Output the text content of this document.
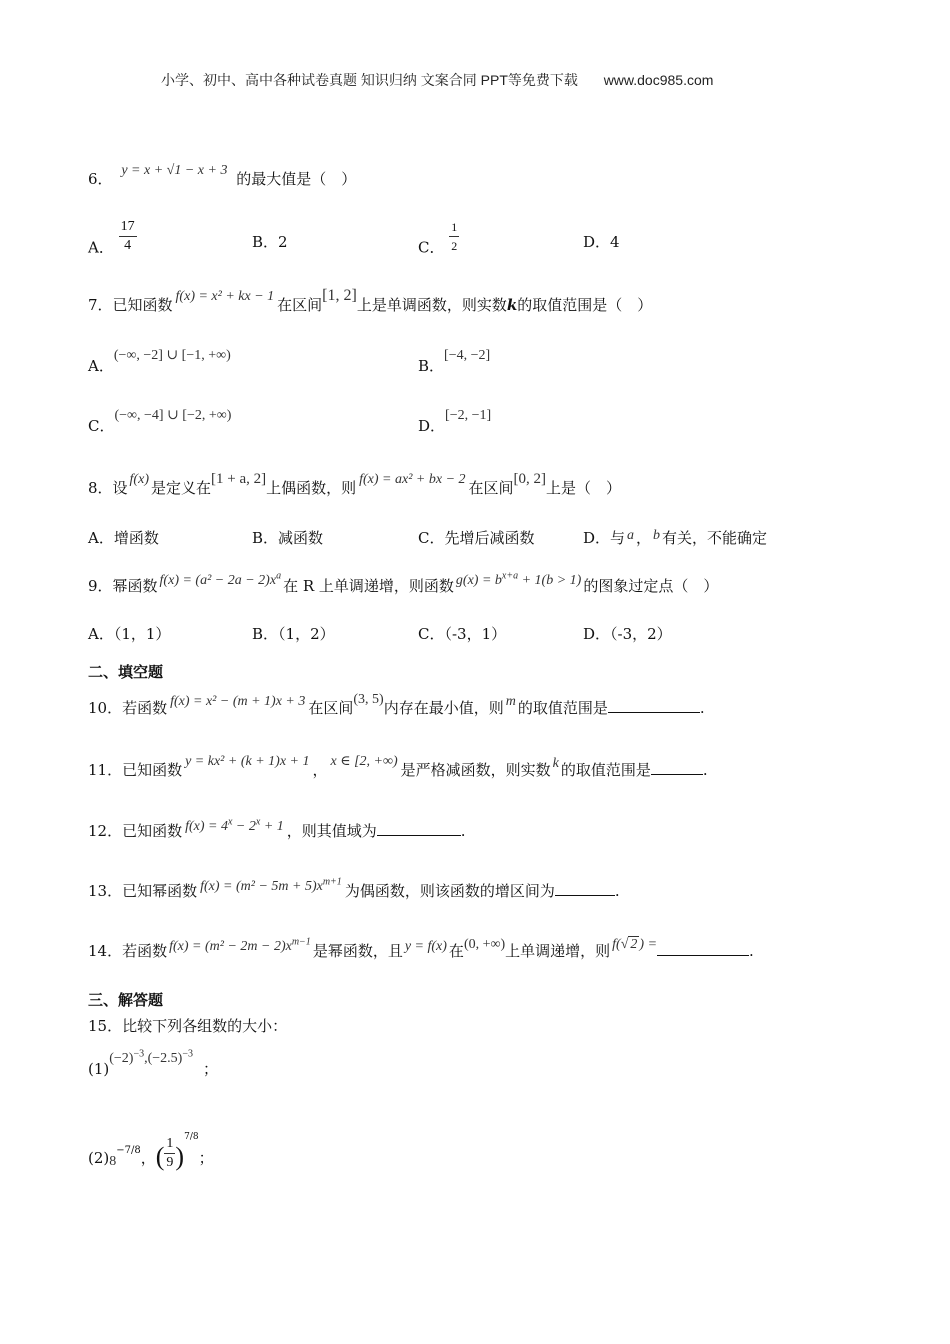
小学、初中、高中各种试卷真题 知识归纳 文案合同 PPT等免费下载 www.doc985.com
6． y = x + √1 − x + 3 的最大值是（　）
A． $\frac{17}{4}$	B．2	C． $\frac{1}{2}$	D．4
7．已知函数 f(x) = x² + kx − 1 在区间[1, 2]上是单调函数，则实数k的取值范围是（　）
A．(−∞, −2] ∪ [−1, +∞)
B．[−4, −2]
C．(−∞, −4] ∪ [−2, +∞)
D．[−2, −1]
8．设 f(x) 是定义在[1 + a, 2]上偶函数，则 f(x) = ax² + bx − 2 在区间[0, 2]上是（　）
A．增函数	B．减函数	C．先增后减函数	D．与 a ， b 有关，不能确定
9．幂函数 $f(x) = (a^2 - 2a - 2)x^a$在 R 上单调递增，则函数 $g(x) = b^{x+a} + 1(b > 1)$ 的图象过定点（　）
A．（1，1）	B．（1，2）	C．（-3，1）	D．（-3，2）
二、填空题
10．若函数 f(x) = x² − (m + 1)x + 3 在区间(3, 5)内存在最小值，则 m 的取值范围是	.
11．已知函数 y = kx² + (k + 1)x + 1 ， x ∈ [2, +∞) 是严格减函数，则实数 k 的取值范围是	.
12．已知函数 $f(x) = 4^x - 2^x + 1$ ，则其值域为	.
13．已知幂函数 $f(x) = (m^2 - 5m + 5)x^{m+1}$为偶函数，则该函数的增区间为	.
14．若函数 $f(x) = (m^2 - 2m - 2)x^{m-1}$是幂函数，且 y = f(x) 在(0, +∞)上单调递增，则 f(√ 2 ) =	.
三、解答题
15．比较下列各组数的大小：
$(1)(-2)^{-3},(-2.5)^{-3}$；
$(2)8^{-7/8}$，( $\frac{1}{9} )^{7/8}$；
